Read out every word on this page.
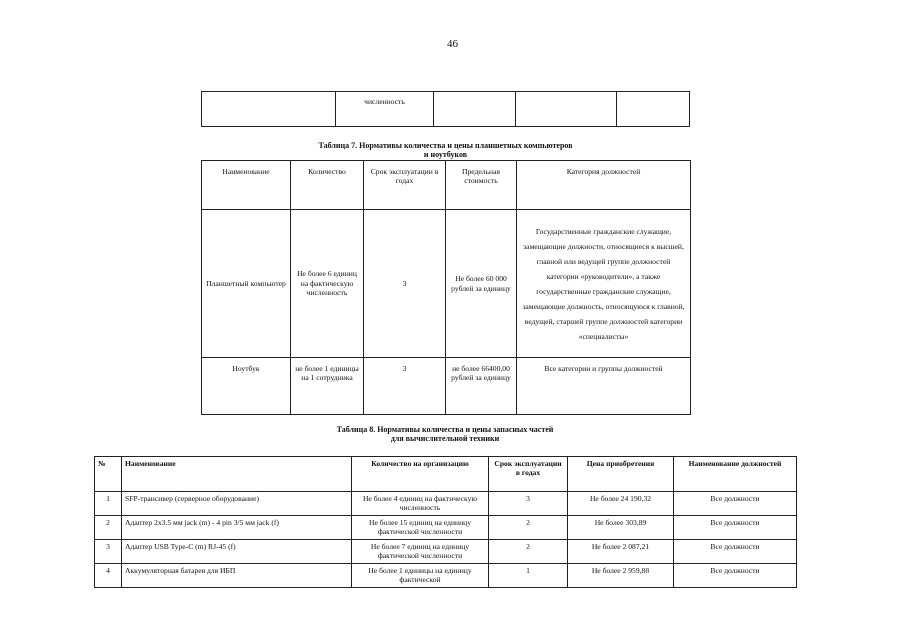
46
	численность			
Таблица 7. Нормативы количества и цены планшетных компьютеров
и ноутбуков
Наименование	Количество	Срок эксплуатации в годах	Предельная стоимость	Категория должностей
Планшетный компьютер	Не более 6 единиц на фактическую численность	3	Не более 60 000 рублей за единицу	Государственные гражданские служащие, замещающие должности, относящиеся к высшей, главной или ведущей группе должностей категории «руководители», а также государственные гражданские служащие, замещающие должность, относящуюся к главной, ведущей, старшей группе должностей категории «специалисты»
Ноутбук	не более 1 единицы на 1 сотрудника	3	не более 66400,00 рублей за единицу	Все категории и группы должностей
Таблица 8. Нормативы количества и цены запасных частей
для вычислительной техники
№	Наименование	Количество на организацию	Срок эксплуатации в годах	Цена приобретения	Наименование должностей
1	SFP-трансивер (серверное оборудование)	Не более 4 единиц на фактическую численность	3	Не более 24 190,32	Все должности
2	Адаптер 2x3.5 мм jack (m) - 4 pin 3/5 мм jack (f)	Не более 15 единиц на единицу фактической численности	2	Не более 303,89	Все должности
3	Адаптер USB Type-C (m) RJ-45 (f)	Не более 7 единиц на единицу фактической численности	2	Не более 2 087,21	Все должности
4	Аккумуляторная батарея для ИБП	Не более 1 единицы на единицу фактической	1	Не более 2 959,88	Все должности
